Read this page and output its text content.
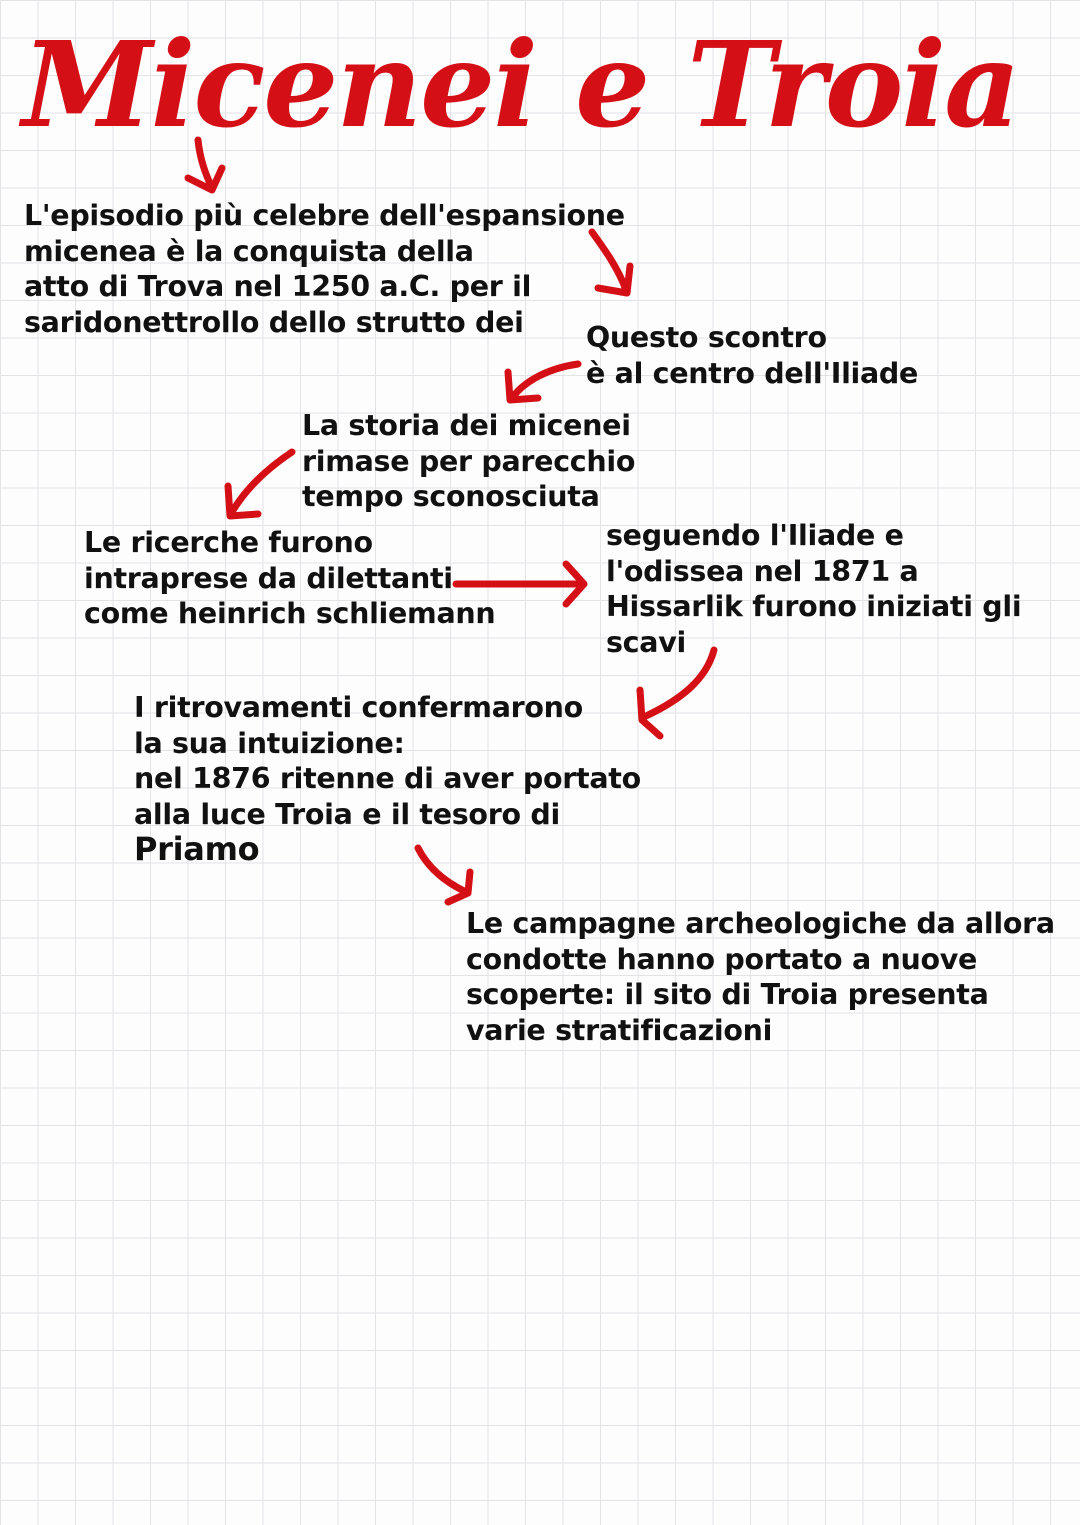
Micenei e Troia
L'episodio più celebre dell'espansione
micenea è la conquista della
atto di Trova nel 1250 a.C. per il
saridonettrollo dello strutto dei	Questo scontro
è al centro dell'Iliade
La storia dei micenei
rimase per parecchio
tempo sconosciuta
Le ricerche furono
intraprese da dilettanti
come heinrich schliemann
seguendo l'Iliade e
l'odissea nel 1871 a
Hissarlik furono iniziati gli
scavi
I ritrovamenti confermarono
la sua intuizione:
nel 1876 ritenne di aver portato
alla luce Troia e il tesoro di
Priamo
Le campagne archeologiche da allora
condotte hanno portato a nuove
scoperte: il sito di Troia presenta
varie stratificazioni
